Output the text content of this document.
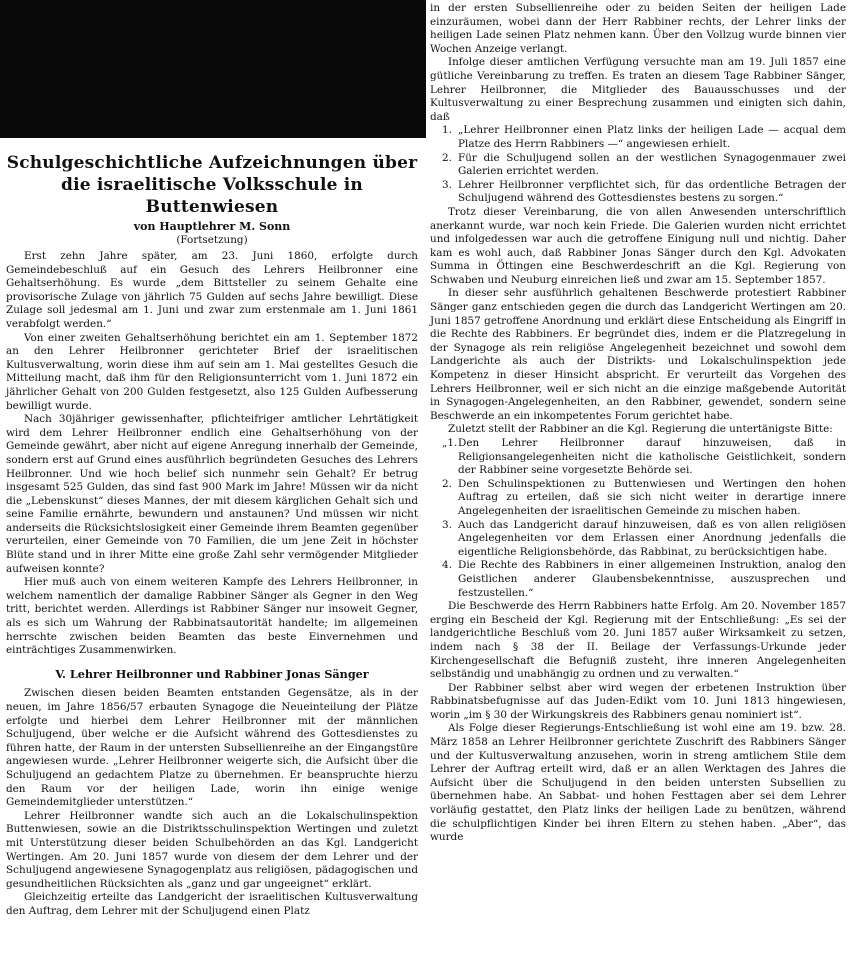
Schulgeschichtliche Aufzeichnungen über die israelitische Volksschule in Buttenwiesen
von Hauptlehrer M. Sonn
(Fortsetzung)

Erst zehn Jahre später, am 23. Juni 1860, erfolgte durch Gemeindebeschluß auf ein Gesuch des Lehrers Heilbronner eine Gehaltserhöhung. Es wurde „dem Bittsteller zu seinem Gehalte eine provisorische Zulage von jährlich 75 Gulden auf sechs Jahre bewilligt. Diese Zulage soll jedesmal am 1. Juni und zwar zum erstenmale am 1. Juni 1861 verabfolgt werden.“

Von einer zweiten Gehaltserhöhung berichtet ein am 1. September 1872 an den Lehrer Heilbronner gerichteter Brief der israelitischen Kultusverwaltung, worin diese ihm auf sein am 1. Mai gestelltes Gesuch die Mitteilung macht, daß ihm für den Religionsunterricht vom 1. Juni 1872 ein jährlicher Gehalt von 200 Gulden festgesetzt, also 125 Gulden Aufbesserung bewilligt wurde.

Nach 30jähriger gewissenhafter, pflichteifriger amtlicher Lehrtätigkeit wird dem Lehrer Heilbronner endlich eine Gehaltserhöhung von der Gemeinde gewährt, aber nicht auf eigene Anregung innerhalb der Gemeinde, sondern erst auf Grund eines ausführlich begründeten Gesuches des Lehrers Heilbronner. Und wie hoch belief sich nunmehr sein Gehalt? Er betrug insgesamt 525 Gulden, das sind fast 900 Mark im Jahre! Müssen wir da nicht die „Lebenskunst“ dieses Mannes, der mit diesem kärglichen Gehalt sich und seine Familie ernährte, bewundern und anstaunen? Und müssen wir nicht anderseits die Rücksichtslosigkeit einer Gemeinde ihrem Beamten gegenüber verurteilen, einer Gemeinde von 70 Familien, die um jene Zeit in höchster Blüte stand und in ihrer Mitte eine große Zahl sehr vermögender Mitglieder aufweisen konnte?

Hier muß auch von einem weiteren Kampfe des Lehrers Heilbronner, in welchem namentlich der damalige Rabbiner Sänger als Gegner in den Weg tritt, berichtet werden. Allerdings ist Rabbiner Sänger nur insoweit Gegner, als es sich um Wahrung der Rabbinatsautorität handelte; im allgemeinen herrschte zwischen beiden Beamten das beste Einvernehmen und einträchtiges Zusammenwirken.

V. Lehrer Heilbronner und Rabbiner Jonas Sänger

Zwischen diesen beiden Beamten entstanden Gegensätze, als in der neuen, im Jahre 1856/57 erbauten Synagoge die Neueinteilung der Plätze erfolgte und hierbei dem Lehrer Heilbronner mit der männlichen Schuljugend, über welche er die Aufsicht während des Gottesdienstes zu führen hatte, der Raum in der untersten Subsellienreihe an der Eingangstüre angewiesen wurde. „Lehrer Heilbronner weigerte sich, die Aufsicht über die Schuljugend an gedachtem Platze zu übernehmen. Er beanspruchte hierzu den Raum vor der heiligen Lade, worin ihn einige wenige Gemeindemitglieder unterstützen.“

Lehrer Heilbronner wandte sich auch an die Lokalschulinspektion Buttenwiesen, sowie an die Distriktsschulinspektion Wertingen und zuletzt mit Unterstützung dieser beiden Schulbehörden an das Kgl. Landgericht Wertingen. Am 20. Juni 1857 wurde von diesem der dem Lehrer und der Schuljugend angewiesene Synagogenplatz aus religiösen, pädagogischen und gesundheitlichen Rücksichten als „ganz und gar ungeeignet“ erklärt.

Gleichzeitig erteilte das Landgericht der israelitischen Kultusverwaltung den Auftrag, dem Lehrer mit der Schuljugend einen Platz

in der ersten Subsellienreihe oder zu beiden Seiten der heiligen Lade einzuräumen, wobei dann der Herr Rabbiner rechts, der Lehrer links der heiligen Lade seinen Platz nehmen kann. Über den Vollzug wurde binnen vier Wochen Anzeige verlangt.

Infolge dieser amtlichen Verfügung versuchte man am 19. Juli 1857 eine gütliche Vereinbarung zu treffen. Es traten an diesem Tage Rabbiner Sänger, Lehrer Heilbronner, die Mitglieder des Bauausschusses und der Kultusverwaltung zu einer Besprechung zusammen und einigten sich dahin, daß

1. „Lehrer Heilbronner einen Platz links der heiligen Lade — acqual dem Platze des Herrn Rabbiners —“ angewiesen erhielt.
2. Für die Schuljugend sollen an der westlichen Synagogenmauer zwei Galerien errichtet werden.
3. Lehrer Heilbronner verpflichtet sich, für das ordentliche Betragen der Schuljugend während des Gottesdienstes bestens zu sorgen.“

Trotz dieser Vereinbarung, die von allen Anwesenden unterschriftlich anerkannt wurde, war noch kein Friede. Die Galerien wurden nicht errichtet und infolgedessen war auch die getroffene Einigung null und nichtig. Daher kam es wohl auch, daß Rabbiner Jonas Sänger durch den Kgl. Advokaten Summa in Öttingen eine Beschwerdeschrift an die Kgl. Regierung von Schwaben und Neuburg einreichen ließ und zwar am 15. September 1857.

In dieser sehr ausführlich gehaltenen Beschwerde protestiert Rabbiner Sänger ganz entschieden gegen die durch das Landgericht Wertingen am 20. Juni 1857 getroffene Anordnung und erklärt diese Entscheidung als Eingriff in die Rechte des Rabbiners. Er begründet dies, indem er die Platzregelung in der Synagoge als rein religiöse Angelegenheit bezeichnet und sowohl dem Landgerichte als auch der Distrikts- und Lokalschulinspektion jede Kompetenz in dieser Hinsicht abspricht. Er verurteilt das Vorgehen des Lehrers Heilbronner, weil er sich nicht an die einzige maßgebende Autorität in Synagogen-Angelegenheiten, an den Rabbiner, gewendet, sondern seine Beschwerde an ein inkompetentes Forum gerichtet habe.

Zuletzt stellt der Rabbiner an die Kgl. Regierung die untertänigste Bitte:

„1. Den Lehrer Heilbronner darauf hinzuweisen, daß in Religionsangelegenheiten nicht die katholische Geistlichkeit, sondern der Rabbiner seine vorgesetzte Behörde sei.
2. Den Schulinspektionen zu Buttenwiesen und Wertingen den hohen Auftrag zu erteilen, daß sie sich nicht weiter in derartige innere Angelegenheiten der israelitischen Gemeinde zu mischen haben.
3. Auch das Landgericht darauf hinzuweisen, daß es von allen religiösen Angelegenheiten vor dem Erlassen einer Anordnung jedenfalls die eigentliche Religionsbehörde, das Rabbinat, zu berücksichtigen habe.
4. Die Rechte des Rabbiners in einer allgemeinen Instruktion, analog den Geistlichen anderer Glaubensbekenntnisse, auszusprechen und festzustellen.“

Die Beschwerde des Herrn Rabbiners hatte Erfolg. Am 20. November 1857 erging ein Bescheid der Kgl. Regierung mit der Entschließung: „Es sei der landgerichtliche Beschluß vom 20. Juni 1857 außer Wirksamkeit zu setzen, indem nach § 38 der II. Beilage der Verfassungs-Urkunde jeder Kirchengesellschaft die Befugniß zusteht, ihre inneren Angelegenheiten selbständig und unabhängig zu ordnen und zu verwalten.“

Der Rabbiner selbst aber wird wegen der erbetenen Instruktion über Rabbinatsbefugnisse auf das Juden-Edikt vom 10. Juni 1813 hingewiesen, worin „im § 30 der Wirkungskreis des Rabbiners genau nominiert ist“.

Als Folge dieser Regierungs-Entschließung ist wohl eine am 19. bzw. 28. März 1858 an Lehrer Heilbronner gerichtete Zuschrift des Rabbiners Sänger und der Kultusverwaltung anzusehen, worin in streng amtlichem Stile dem Lehrer der Auftrag erteilt wird, daß er an allen Werktagen des Jahres die Aufsicht über die Schuljugend in den beiden untersten Subsellien zu übernehmen habe. An Sabbat- und hohen Festtagen aber sei dem Lehrer vorläufig gestattet, den Platz links der heiligen Lade zu benützen, während die schulpflichtigen Kinder bei ihren Eltern zu stehen haben. „Aber“, das wurde
